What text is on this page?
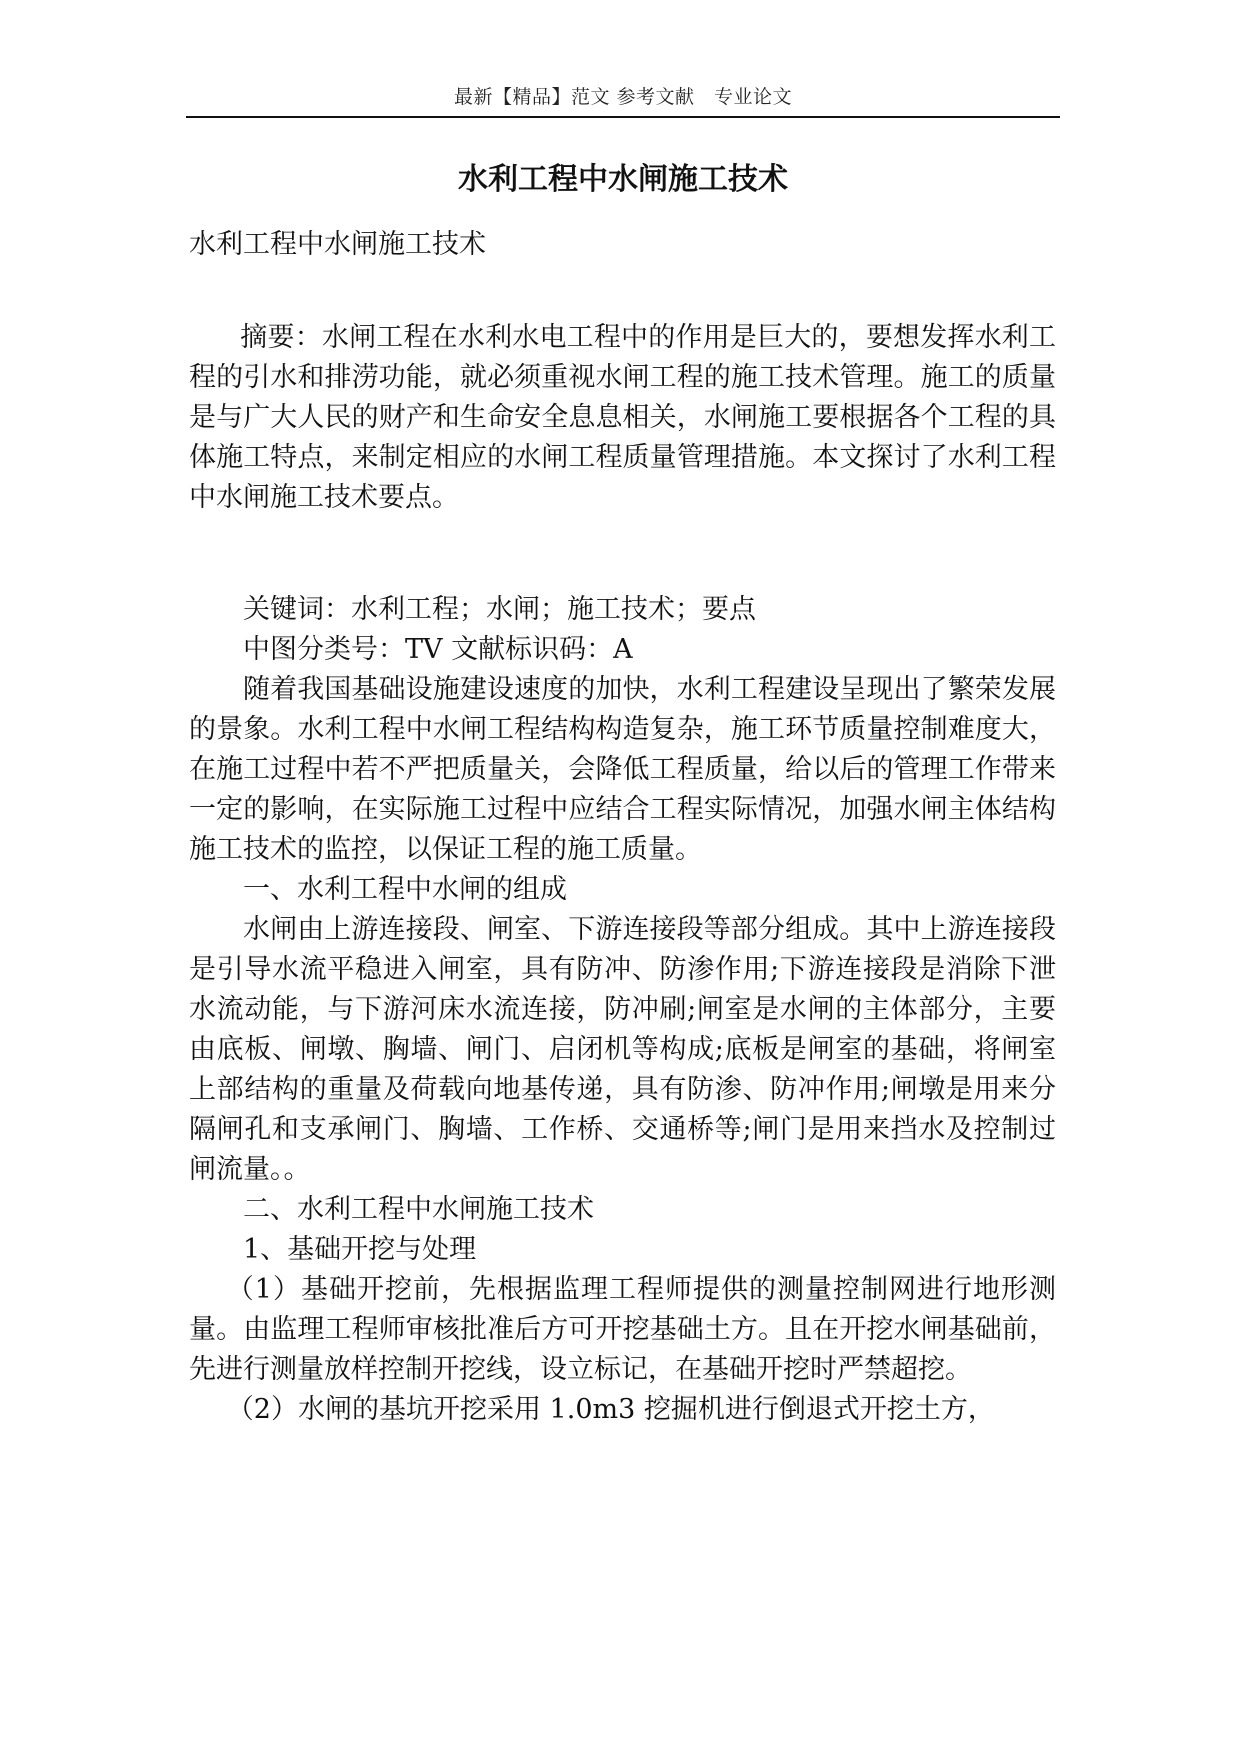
最新【精品】范文 参考文献　专业论文
水利工程中水闸施工技术
水利工程中水闸施工技术
摘要：水闸工程在水利水电工程中的作用是巨大的，要想发挥水利工程的引水和排涝功能，就必须重视水闸工程的施工技术管理。施工的质量是与广大人民的财产和生命安全息息相关，水闸施工要根据各个工程的具体施工特点，来制定相应的水闸工程质量管理措施。本文探讨了水利工程中水闸施工技术要点。

关键词：水利工程；水闸；施工技术；要点

中图分类号：TV 文献标识码：A

随着我国基础设施建设速度的加快，水利工程建设呈现出了繁荣发展的景象。水利工程中水闸工程结构构造复杂，施工环节质量控制难度大，在施工过程中若不严把质量关，会降低工程质量，给以后的管理工作带来一定的影响，在实际施工过程中应结合工程实际情况，加强水闸主体结构施工技术的监控，以保证工程的施工质量。

一、水利工程中水闸的组成

水闸由上游连接段、闸室、下游连接段等部分组成。其中上游连接段是引导水流平稳进入闸室，具有防冲、防渗作用;下游连接段是消除下泄水流动能，与下游河床水流连接，防冲刷;闸室是水闸的主体部分，主要由底板、闸墩、胸墙、闸门、启闭机等构成;底板是闸室的基础，将闸室上部结构的重量及荷载向地基传递，具有防渗、防冲作用;闸墩是用来分隔闸孔和支承闸门、胸墙、工作桥、交通桥等;闸门是用来挡水及控制过闸流量。。

二、水利工程中水闸施工技术

1、基础开挖与处理

（1）基础开挖前，先根据监理工程师提供的测量控制网进行地形测量。由监理工程师审核批准后方可开挖基础土方。且在开挖水闸基础前，先进行测量放样控制开挖线，设立标记，在基础开挖时严禁超挖。

（2）水闸的基坑开挖采用 1.0m3 挖掘机进行倒退式开挖土方，
